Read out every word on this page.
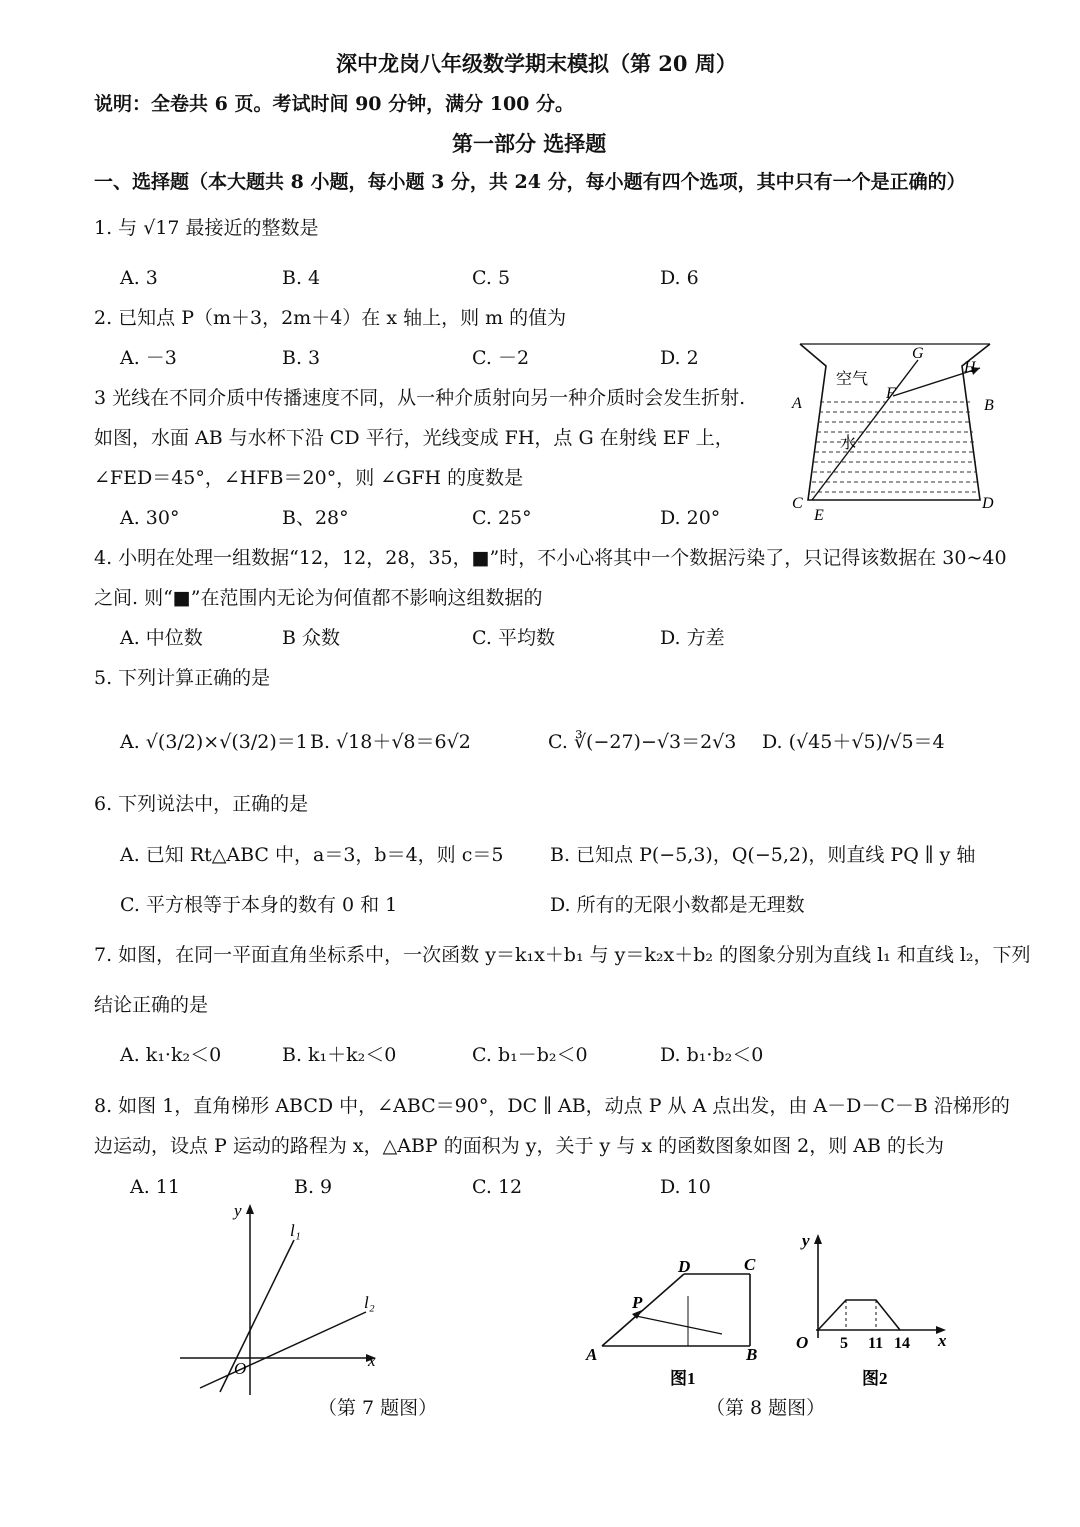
深中龙岗八年级数学期末模拟（第 20 周）
说明：全卷共 6 页。考试时间 90 分钟，满分 100 分。
第一部分 选择题
一、选择题（本大题共 8 小题，每小题 3 分，共 24 分，每小题有四个选项，其中只有一个是正确的）
1. 与 √17 最接近的整数是
A. 3	B. 4	C. 5	D. 6
2. 已知点 P（m＋3，2m＋4）在 x 轴上，则 m 的值为
A. －3	B. 3	C. －2	D. 2
3 光线在不同介质中传播速度不同，从一种介质射向另一种介质时会发生折射.
如图，水面 AB 与水杯下沿 CD 平行，光线变成 FH，点 G 在射线 EF 上，
∠FED＝45°，∠HFB＝20°，则 ∠GFH 的度数是
A. 30°	B、28°	C. 25°	D. 20°
空气
水
A	B
C	D
E
F
G
H
4. 小明在处理一组数据“12，12，28，35，■”时，不小心将其中一个数据污染了，只记得该数据在 30~40
之间. 则“■”在范围内无论为何值都不影响这组数据的
A. 中位数	B 众数	C. 平均数	D. 方差
5. 下列计算正确的是
A. √(3/2)×√(3/2)＝1 B. √18＋√8＝6√2	C. ∛(−27)−√3＝2√3 D. (√45＋√5)/√5＝4
6. 下列说法中，正确的是
A. 已知 Rt△ABC 中，a＝3，b＝4，则 c＝5 B. 已知点 P(−5,3)，Q(−5,2)，则直线 PQ ∥ y 轴
C. 平方根等于本身的数有 0 和 1	D. 所有的无限小数都是无理数
7. 如图，在同一平面直角坐标系中，一次函数 y＝k₁x＋b₁ 与 y＝k₂x＋b₂ 的图象分别为直线 l₁ 和直线 l₂，下列
结论正确的是
A. k₁·k₂＜0	B. k₁＋k₂＜0	C. b₁－b₂＜0	D. b₁·b₂＜0
8. 如图 1，直角梯形 ABCD 中，∠ABC＝90°，DC ∥ AB，动点 P 从 A 点出发，由 A－D－C－B 沿梯形的
边运动，设点 P 运动的路程为 x，△ABP 的面积为 y，关于 y 与 x 的函数图象如图 2，则 AB 的长为
A. 11	B. 9	C. 12	D. 10
y
x
O
l₁
l₂
（第 7 题图）
A	B
C
D
P
图1
y
x
O 5 11 14
图2
（第 8 题图）
